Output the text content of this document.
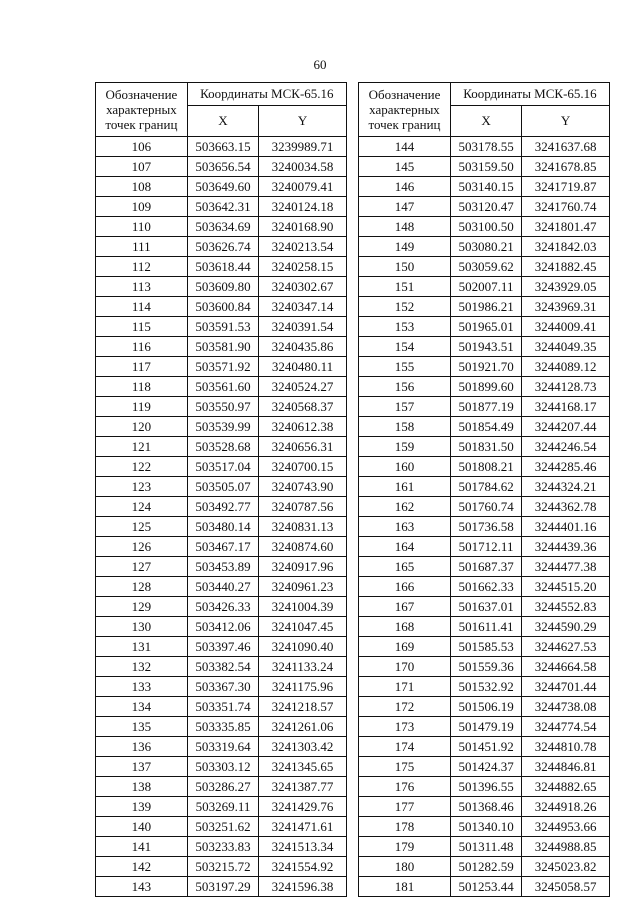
60
Обозначение характерных точек границ	Координаты МСК-65.16			Обозначение характерных точек границ	Координаты МСК-65.16	
	X	Y			X	Y
106	503663.15	3239989.71		144	503178.55	3241637.68
107	503656.54	3240034.58		145	503159.50	3241678.85
108	503649.60	3240079.41		146	503140.15	3241719.87
109	503642.31	3240124.18		147	503120.47	3241760.74
110	503634.69	3240168.90		148	503100.50	3241801.47
111	503626.74	3240213.54		149	503080.21	3241842.03
112	503618.44	3240258.15		150	503059.62	3241882.45
113	503609.80	3240302.67		151	502007.11	3243929.05
114	503600.84	3240347.14		152	501986.21	3243969.31
115	503591.53	3240391.54		153	501965.01	3244009.41
116	503581.90	3240435.86		154	501943.51	3244049.35
117	503571.92	3240480.11		155	501921.70	3244089.12
118	503561.60	3240524.27		156	501899.60	3244128.73
119	503550.97	3240568.37		157	501877.19	3244168.17
120	503539.99	3240612.38		158	501854.49	3244207.44
121	503528.68	3240656.31		159	501831.50	3244246.54
122	503517.04	3240700.15		160	501808.21	3244285.46
123	503505.07	3240743.90		161	501784.62	3244324.21
124	503492.77	3240787.56		162	501760.74	3244362.78
125	503480.14	3240831.13		163	501736.58	3244401.16
126	503467.17	3240874.60		164	501712.11	3244439.36
127	503453.89	3240917.96		165	501687.37	3244477.38
128	503440.27	3240961.23		166	501662.33	3244515.20
129	503426.33	3241004.39		167	501637.01	3244552.83
130	503412.06	3241047.45		168	501611.41	3244590.29
131	503397.46	3241090.40		169	501585.53	3244627.53
132	503382.54	3241133.24		170	501559.36	3244664.58
133	503367.30	3241175.96		171	501532.92	3244701.44
134	503351.74	3241218.57		172	501506.19	3244738.08
135	503335.85	3241261.06		173	501479.19	3244774.54
136	503319.64	3241303.42		174	501451.92	3244810.78
137	503303.12	3241345.65		175	501424.37	3244846.81
138	503286.27	3241387.77		176	501396.55	3244882.65
139	503269.11	3241429.76		177	501368.46	3244918.26
140	503251.62	3241471.61		178	501340.10	3244953.66
141	503233.83	3241513.34		179	501311.48	3244988.85
142	503215.72	3241554.92		180	501282.59	3245023.82
143	503197.29	3241596.38		181	501253.44	3245058.57
